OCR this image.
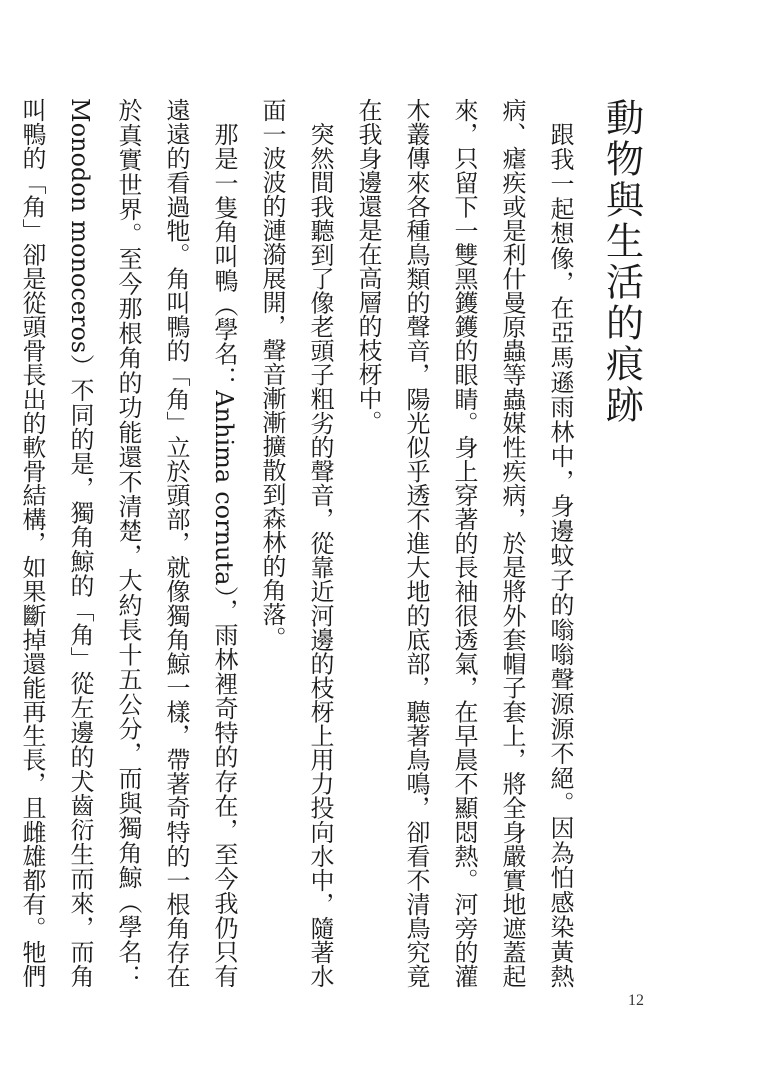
動物與生活的痕跡

跟我一起想像，在亞馬遜雨林中，身邊蚊子的嗡嗡聲源源不絕。因為怕感染黃熱病、瘧疾或是利什曼原蟲等蟲媒性疾病，於是將外套帽子套上，將全身嚴實地遮蓋起來，只留下一雙黑鑊鑊的眼睛。身上穿著的長袖很透氣，在早晨不顯悶熱。河旁的灌木叢傳來各種鳥類的聲音，陽光似乎透不進大地的底部，聽著鳥鳴，卻看不清鳥究竟在我身邊還是在高層的枝枒中。

突然間我聽到了像老頭子粗劣的聲音，從靠近河邊的枝枒上用力投向水中，隨著水面一波波的漣漪展開，聲音漸漸擴散到森林的角落。

那是一隻角叫鴨（學名：Anhima cornuta），雨林裡奇特的存在，至今我仍只有遠遠的看過牠。角叫鴨的「角」立於頭部，就像獨角鯨一樣，帶著奇特的一根角存在於真實世界。至今那根角的功能還不清楚，大約長十五公分，而與獨角鯨（學名：Monodon monoceros）不同的是，獨角鯨的「角」從左邊的犬齒衍生而來，而角叫鴨的「角」卻是從頭骨長出的軟骨結構，如果斷掉還能再生長，且雌雄都有。牠們

12
